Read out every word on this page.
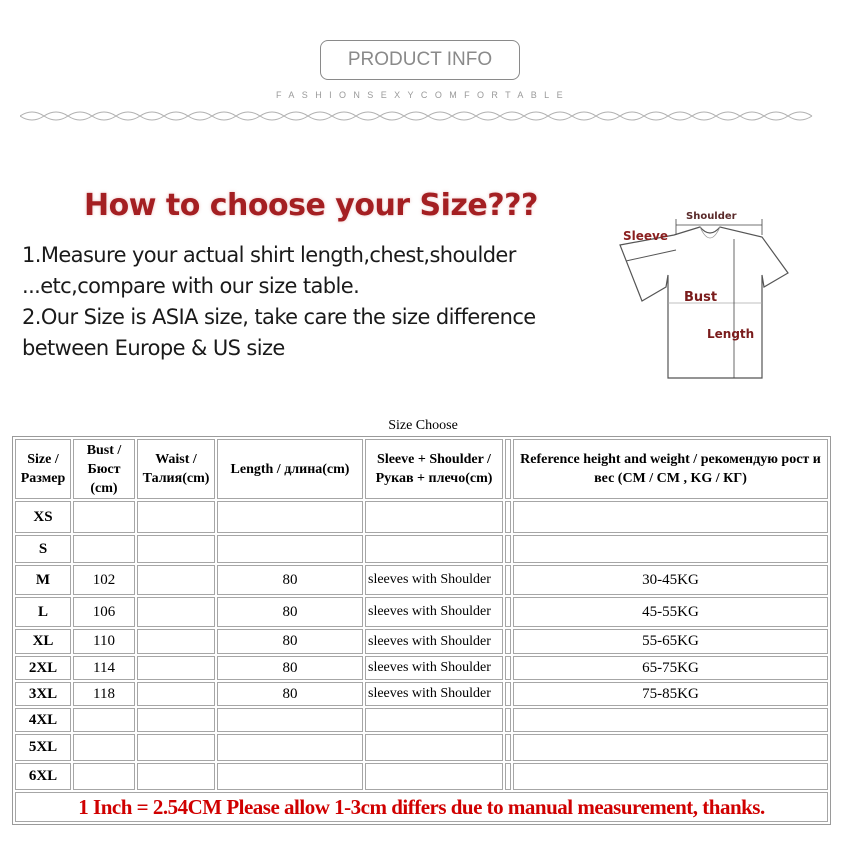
PRODUCT INFO
FASHIONSEXYCOMFORTABLE
How to choose your Size???

1.Measure your actual shirt length,chest,shoulder ...etc,compare with our size table.

2.Our Size is ASIA size, take care the size difference between Europe & US size

Shoulder
Sleeve
Bust
Length
Size Choose
Size / Размер	Bust / Бюст (cm)	Waist / Талия(cm)	Length / длина(cm)	Sleeve + Shoulder / Рукав + плечо(cm)		Reference height and weight / рекомендую рост и вес (CM / CM , KG / КГ)
XS						
S						
M	102		80	sleeves with Shoulder		30-45KG
L	106		80	sleeves with Shoulder		45-55KG
XL	110		80	sleeves with Shoulder		55-65KG
2XL	114		80	sleeves with Shoulder		65-75KG
3XL	118		80	sleeves with Shoulder		75-85KG
4XL						
5XL						
6XL						
1 Inch = 2.54CM Please allow 1-3cm differs due to manual measurement, thanks.						
